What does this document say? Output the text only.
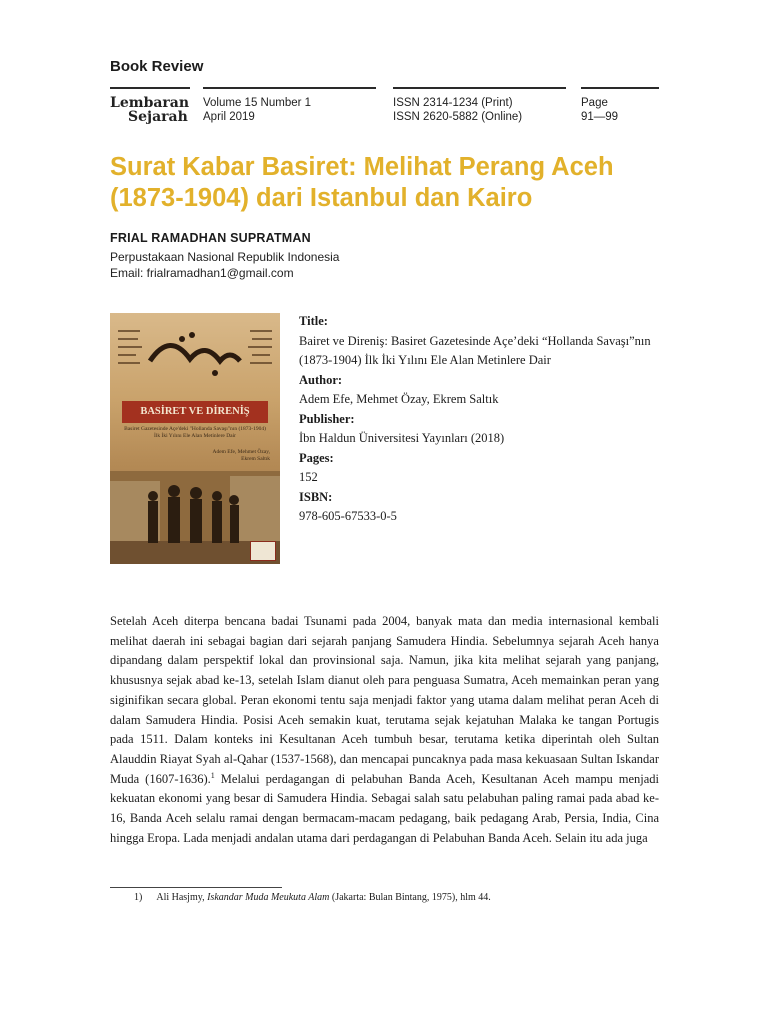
Book Review
Lembaran
Sejarah
Volume 15 Number 1
April 2019
ISSN 2314-1234 (Print)
ISSN 2620-5882 (Online)
Page
91—99
Surat Kabar Basiret: Melihat Perang Aceh (1873-1904) dari Istanbul dan Kairo
FRIAL RAMADHAN SUPRATMAN
Perpustakaan Nasional Republik Indonesia
Email: frialramadhan1@gmail.com
BASİRET VE DİRENİŞ
Basiret Gazetesinde Açe'deki "Hollanda Savaşı"nın (1873-1904) İlk İki Yılını Ele Alan Metinlere Dair
Adem Efe, Mehmet Özay, Ekrem Saltık
Title:
Bairet ve Direniş: Basiret Gazetesinde Açe’deki “Hollanda Savaşı”nın (1873-1904) İlk İki Yılını Ele Alan Metinlere Dair
Author:
Adem Efe, Mehmet Özay, Ekrem Saltık
Publisher:
İbn Haldun Üniversitesi Yayınları (2018)
Pages:
152
ISBN:
978-605-67533-0-5

Setelah Aceh diterpa bencana badai Tsunami pada 2004, banyak mata dan media internasional kembali melihat daerah ini sebagai bagian dari sejarah panjang Samudera Hindia. Sebelumnya sejarah Aceh hanya dipandang dalam perspektif lokal dan provinsional saja. Namun, jika kita melihat sejarah yang panjang, khususnya sejak abad ke-13, setelah Islam dianut oleh para penguasa Sumatra, Aceh memainkan peran yang siginifikan secara global. Peran ekonomi tentu saja menjadi faktor yang utama dalam melihat peran Aceh di dalam Samudera Hindia. Posisi Aceh semakin kuat, terutama sejak kejatuhan Malaka ke tangan Portugis pada 1511. Dalam konteks ini Kesultanan Aceh tumbuh besar, terutama ketika diperintah oleh Sultan Alauddin Riayat Syah al-Qahar (1537-1568), dan mencapai puncaknya pada masa kekuasaan Sultan Iskandar Muda (1607-1636).$^1$ Melalui perdagangan di pelabuhan Banda Aceh, Kesultanan Aceh mampu menjadi kekuatan ekonomi yang besar di Samudera Hindia. Sebagai salah satu pelabuhan paling ramai pada abad ke-16, Banda Aceh selalu ramai dengan bermacam-macam pedagang, baik pedagang Arab, Persia, India, Cina hingga Eropa. Lada menjadi andalan utama dari perdagangan di Pelabuhan Banda Aceh. Selain itu ada juga

1) Ali Hasjmy, Iskandar Muda Meukuta Alam (Jakarta: Bulan Bintang, 1975), hlm 44.
